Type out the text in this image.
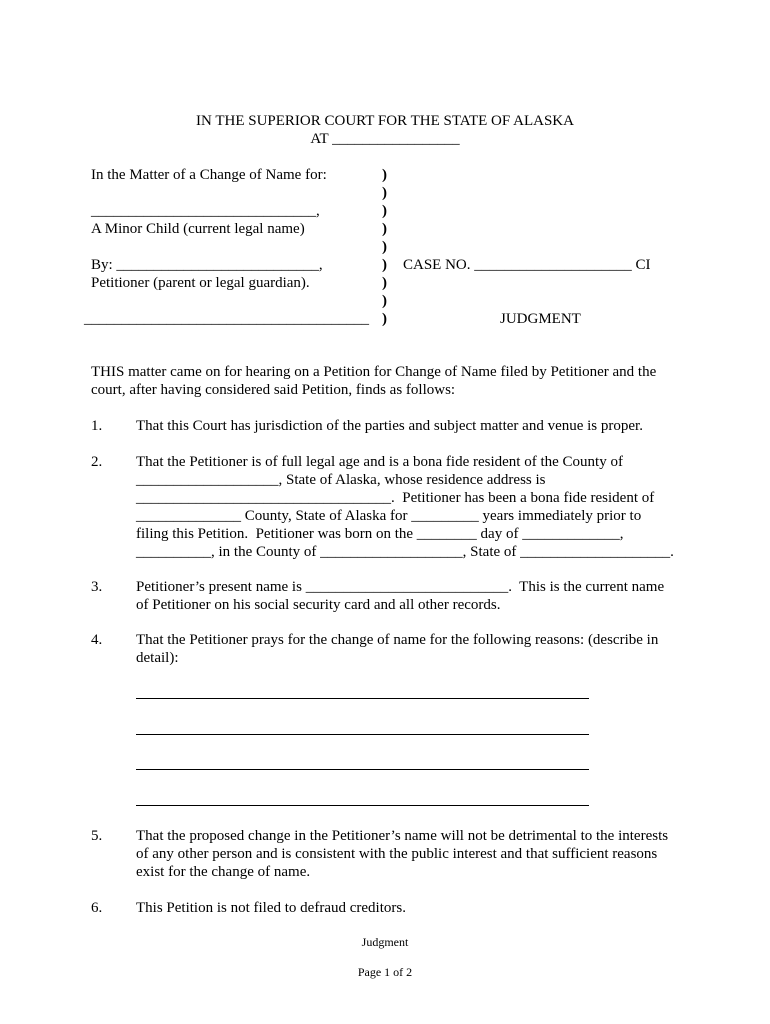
IN THE SUPERIOR COURT FOR THE STATE OF ALASKA
AT _________________
In the Matter of a Change of Name for:
______________________________,
A Minor Child (current legal name)
By: ___________________________,
Petitioner (parent or legal guardian).
______________________________________
)
)
)
)
)
)
)
)
)
CASE NO. _____________________ CI
JUDGMENT
THIS matter came on for hearing on a Petition for Change of Name filed by Petitioner and the court, after having considered said Petition, finds as follows:
1. That this Court has jurisdiction of the parties and subject matter and venue is proper.
2. That the Petitioner is of full legal age and is a bona fide resident of the County of
___________________, State of Alaska, whose residence address is
__________________________________.  Petitioner has been a bona fide resident of
______________ County, State of Alaska for _________ years immediately prior to
filing this Petition.  Petitioner was born on the ________ day of _____________,
__________, in the County of ___________________, State of ____________________.
3. Petitioner’s present name is ___________________________.  This is the current name
of Petitioner on his social security card and all other records.
4. That the Petitioner prays for the change of name for the following reasons: (describe in
detail):
5. That the proposed change in the Petitioner’s name will not be detrimental to the interests
of any other person and is consistent with the public interest and that sufficient reasons
exist for the change of name.
6. This Petition is not filed to defraud creditors.
Judgment
Page 1 of 2
